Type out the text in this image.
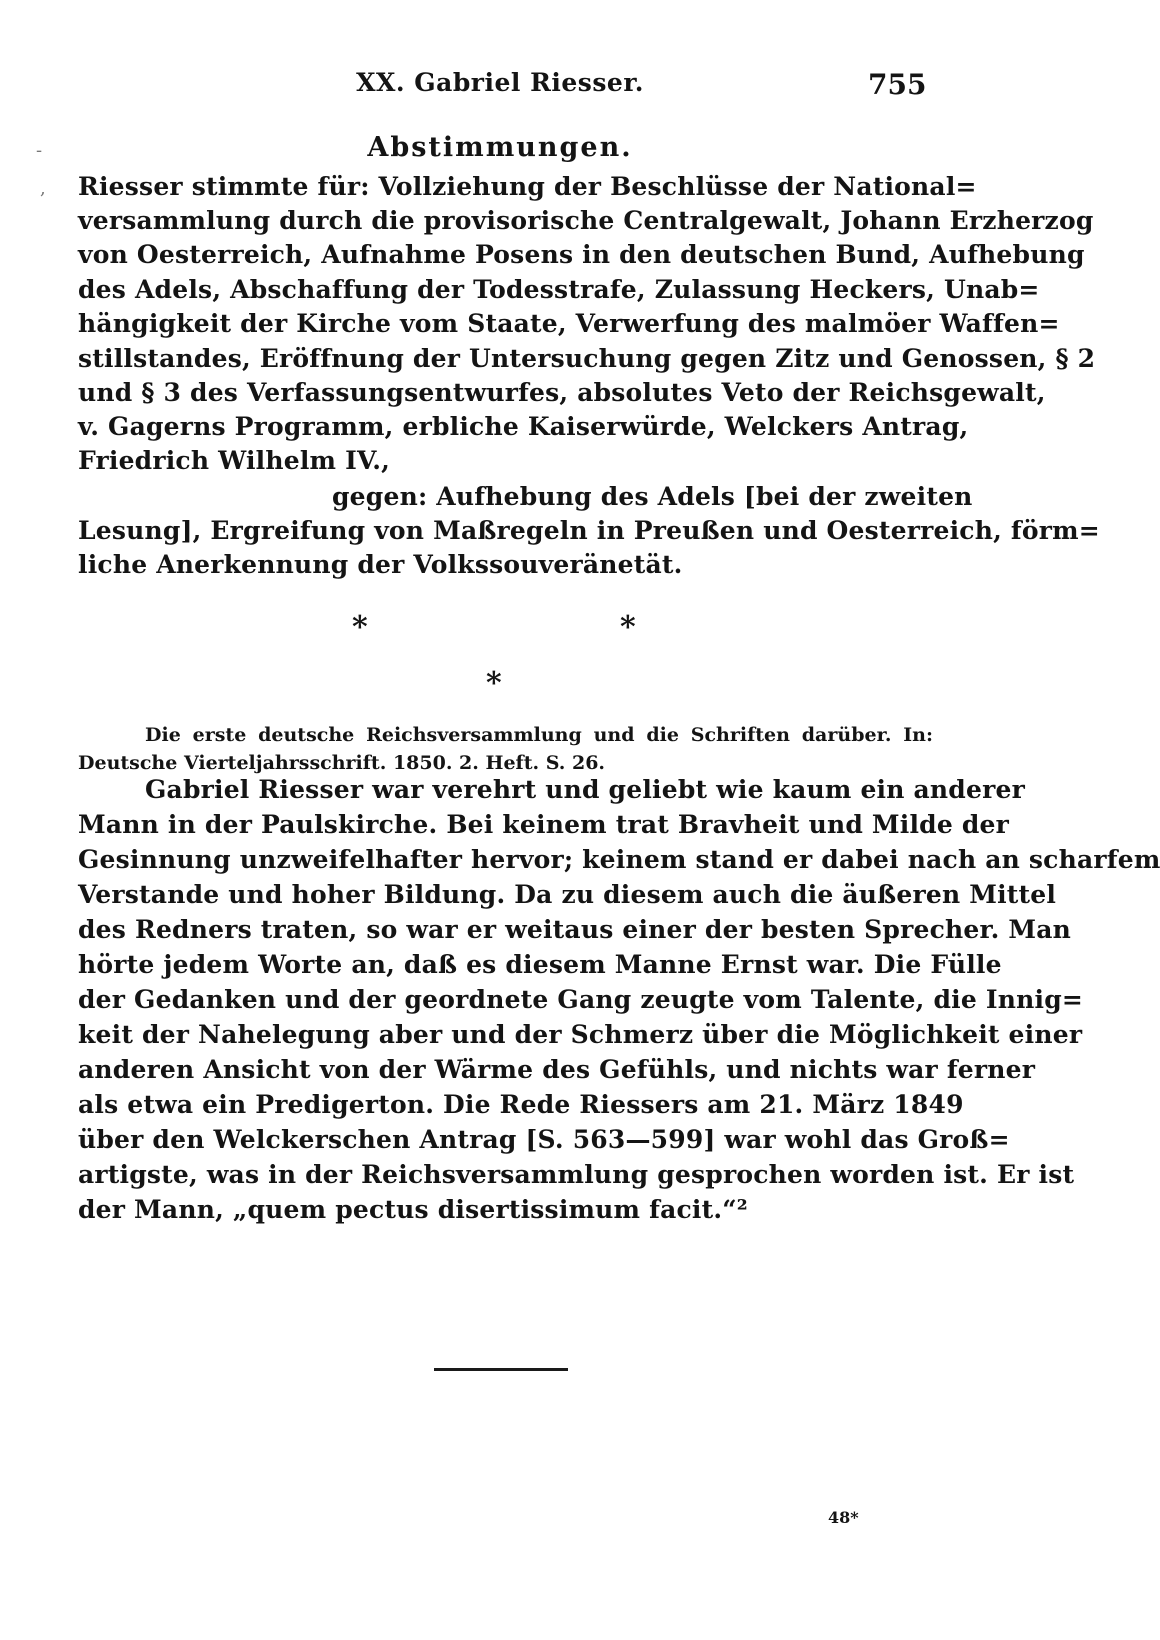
XX. Gabriel Riesser.	755

-
,
Abstimmungen.

Riesser stimmte für: Vollziehung der Beschlüsse der National=

versammlung durch die provisorische Centralgewalt, Johann Erzherzog

von Oesterreich, Aufnahme Posens in den deutschen Bund, Aufhebung

des Adels, Abschaffung der Todesstrafe, Zulassung Heckers, Unab=

hängigkeit der Kirche vom Staate, Verwerfung des malmöer Waffen=

stillstandes, Eröffnung der Untersuchung gegen Zitz und Genossen, § 2

und § 3 des Verfassungsentwurfes, absolutes Veto der Reichsgewalt,

v. Gagerns Programm, erbliche Kaiserwürde, Welckers Antrag,

Friedrich Wilhelm IV.,

gegen: Aufhebung des Adels [bei der zweiten

Lesung], Ergreifung von Maßregeln in Preußen und Oesterreich, förm=

liche Anerkennung der Volkssouveränetät.

*	*
*

Die erste deutsche Reichsversammlung und die Schriften darüber. In:

Deutsche Vierteljahrsschrift. 1850. 2. Heft. S. 26.

Gabriel Riesser war verehrt und geliebt wie kaum ein anderer

Mann in der Paulskirche. Bei keinem trat Bravheit und Milde der

Gesinnung unzweifelhafter hervor; keinem stand er dabei nach an scharfem

Verstande und hoher Bildung. Da zu diesem auch die äußeren Mittel

des Redners traten, so war er weitaus einer der besten Sprecher. Man

hörte jedem Worte an, daß es diesem Manne Ernst war. Die Fülle

der Gedanken und der geordnete Gang zeugte vom Talente, die Innig=

keit der Nahelegung aber und der Schmerz über die Möglichkeit einer

anderen Ansicht von der Wärme des Gefühls, und nichts war ferner

als etwa ein Predigerton. Die Rede Riessers am 21. März 1849

über den Welckerschen Antrag [S. 563—599] war wohl das Groß=

artigste, was in der Reichsversammlung gesprochen worden ist. Er ist

der Mann, „quem pectus disertissimum facit.“²

48*
